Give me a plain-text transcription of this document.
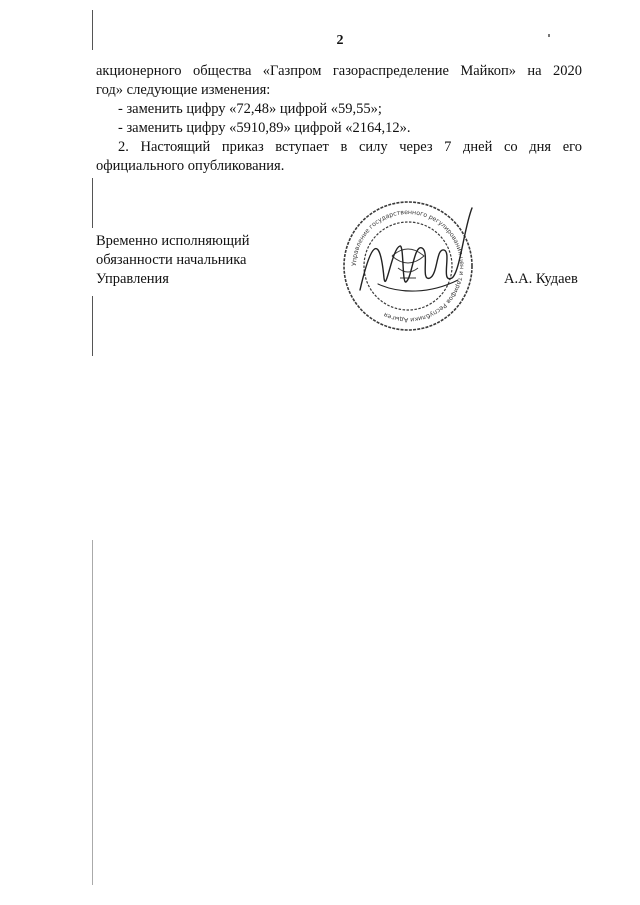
2

акционерного общества «Газпром газораспределение Майкоп» на 2020

год» следующие изменения:

- заменить цифру «72,48» цифрой «59,55»;

- заменить цифру «5910,89» цифрой «2164,12».

2. Настоящий приказ вступает в силу через 7 дней со дня его

официального опубликования.

Временно исполняющий
обязанности начальника
Управления
Управление государственного регулирования цен и тарифов Республики Адыгея
А.А. Кудаев
